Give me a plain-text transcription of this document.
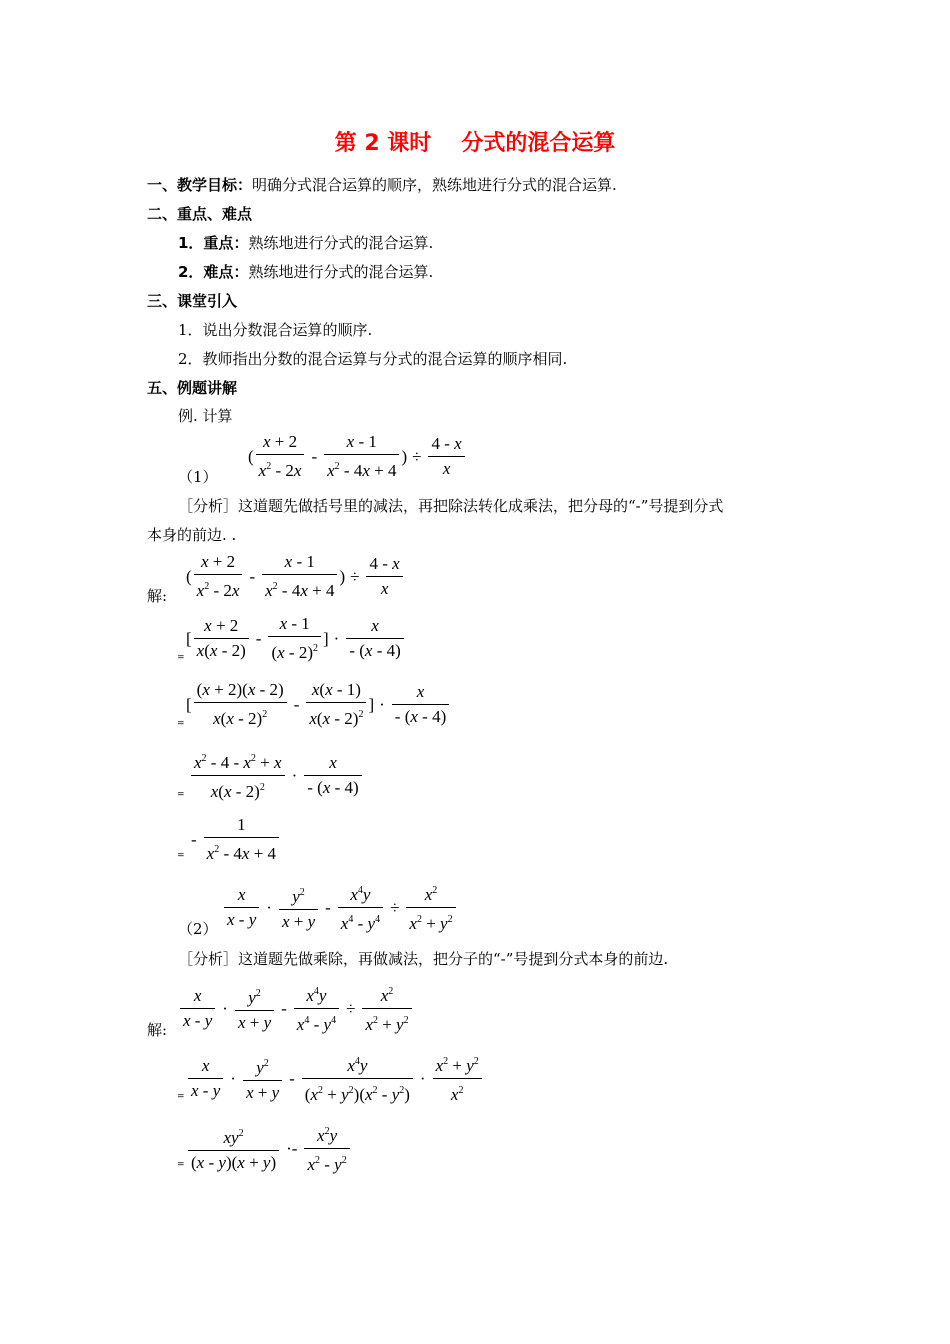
第 2 课时 分式的混合运算
一、教学目标：明确分式混合运算的顺序，熟练地进行分式的混合运算.
二、重点、难点
1．重点：熟练地进行分式的混合运算.
2．难点：熟练地进行分式的混合运算.
三、课堂引入
1．说出分数混合运算的顺序.
2．教师指出分数的混合运算与分式的混合运算的顺序相同.
五、例题讲解
例. 计算
（1）
( $\frac{x + 2}{x^2 - 2x} - \frac{x - 1}{x^2 - 4x + 4}$ ) ÷ $\frac{4 - x}{x}$
［分析］这道题先做括号里的减法，再把除法转化成乘法，把分母的“-”号提到分式
本身的前边. .
解:
( $\frac{x + 2}{x^2 - 2x} - \frac{x - 1}{x^2 - 4x + 4}$ ) ÷ $\frac{4 - x}{x}$
=
[ $\frac{x + 2}{x(x - 2)} - \frac{x - 1}{(x - 2)^2}$ ] · $\frac{x}{- (x - 4)}$
=
[ $\frac{(x + 2)(x - 2)}{x(x - 2)^2} - \frac{x(x - 1)}{x(x - 2)^2}$ ] · $\frac{x}{- (x - 4)}$
= $\frac{x^2 - 4 - x^2 + x}{x(x - 2)^2} \cdot \frac{x}{- (x - 4)}$
=
- $\frac{1}{x^2 - 4x + 4}$
$(2) \frac{x}{x - y} \cdot \frac{y^2}{x + y} - \frac{x^4y}{x^4 - y^4} \div \frac{x^2}{x^2 + y^2}$
［分析］这道题先做乘除，再做减法，把分子的“-”号提到分式本身的前边.
解: $\frac{x}{x - y} \cdot \frac{y^2}{x + y} - \frac{x^4y}{x^4 - y^4} \div \frac{x^2}{x^2 + y^2}$
= $\frac{x}{x - y} \cdot \frac{y^2}{x + y} - \frac{x^4y}{(x^2 + y^2)(x^2 - y^2)} \cdot \frac{x^2 + y^2}{x^2}$
= $\frac{xy^2}{(x - y)(x + y)} \cdot- \frac{x^2y}{x^2 - y^2}$
